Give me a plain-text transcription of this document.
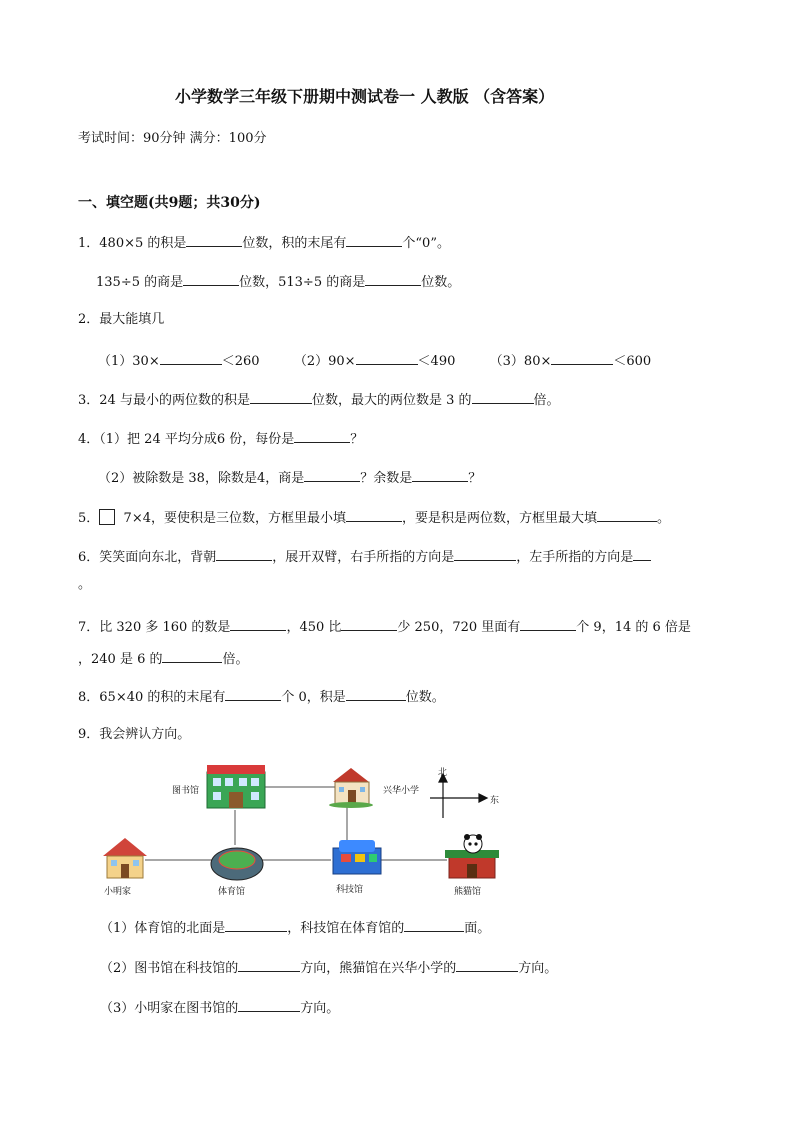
小学数学三年级下册期中测试卷一 人教版 （含答案）
考试时间：90分钟 满分：100分
一、填空题(共9题；共30分)
1．480×5 的积是	位数，积的末尾有	个“0”。
135÷5 的商是	位数，513÷5 的商是	位数。
2．最大能填几
（1）30×	＜260	（2）90×	＜490	（3）80×	＜600
3．24 与最小的两位数的积是	位数，最大的两位数是 3 的	倍。
4．（1）把 24 平均分成6 份，每份是	？
（2）被除数是 38，除数是4，商是	？余数是	？
5． 7×4，要使积是三位数，方框里最小填	，要是积是两位数，方框里最大填	。
6．笑笑面向东北，背朝	，展开双臂，右手所指的方向是	，左手所指的方向是
。
7．比 320 多 160 的数是	，450 比	少 250，720 里面有	个 9，14 的 6 倍是
，240 是 6 的	倍。
8．65×40 的积的末尾有	个 0，积是	位数。
9．我会辨认方向。
图书馆	兴华小学
小明家	体育馆	科技馆	熊猫馆
北
东
（1）体育馆的北面是	，科技馆在体育馆的	面。
（2）图书馆在科技馆的	方向，熊猫馆在兴华小学的	方向。
（3）小明家在图书馆的	方向。
